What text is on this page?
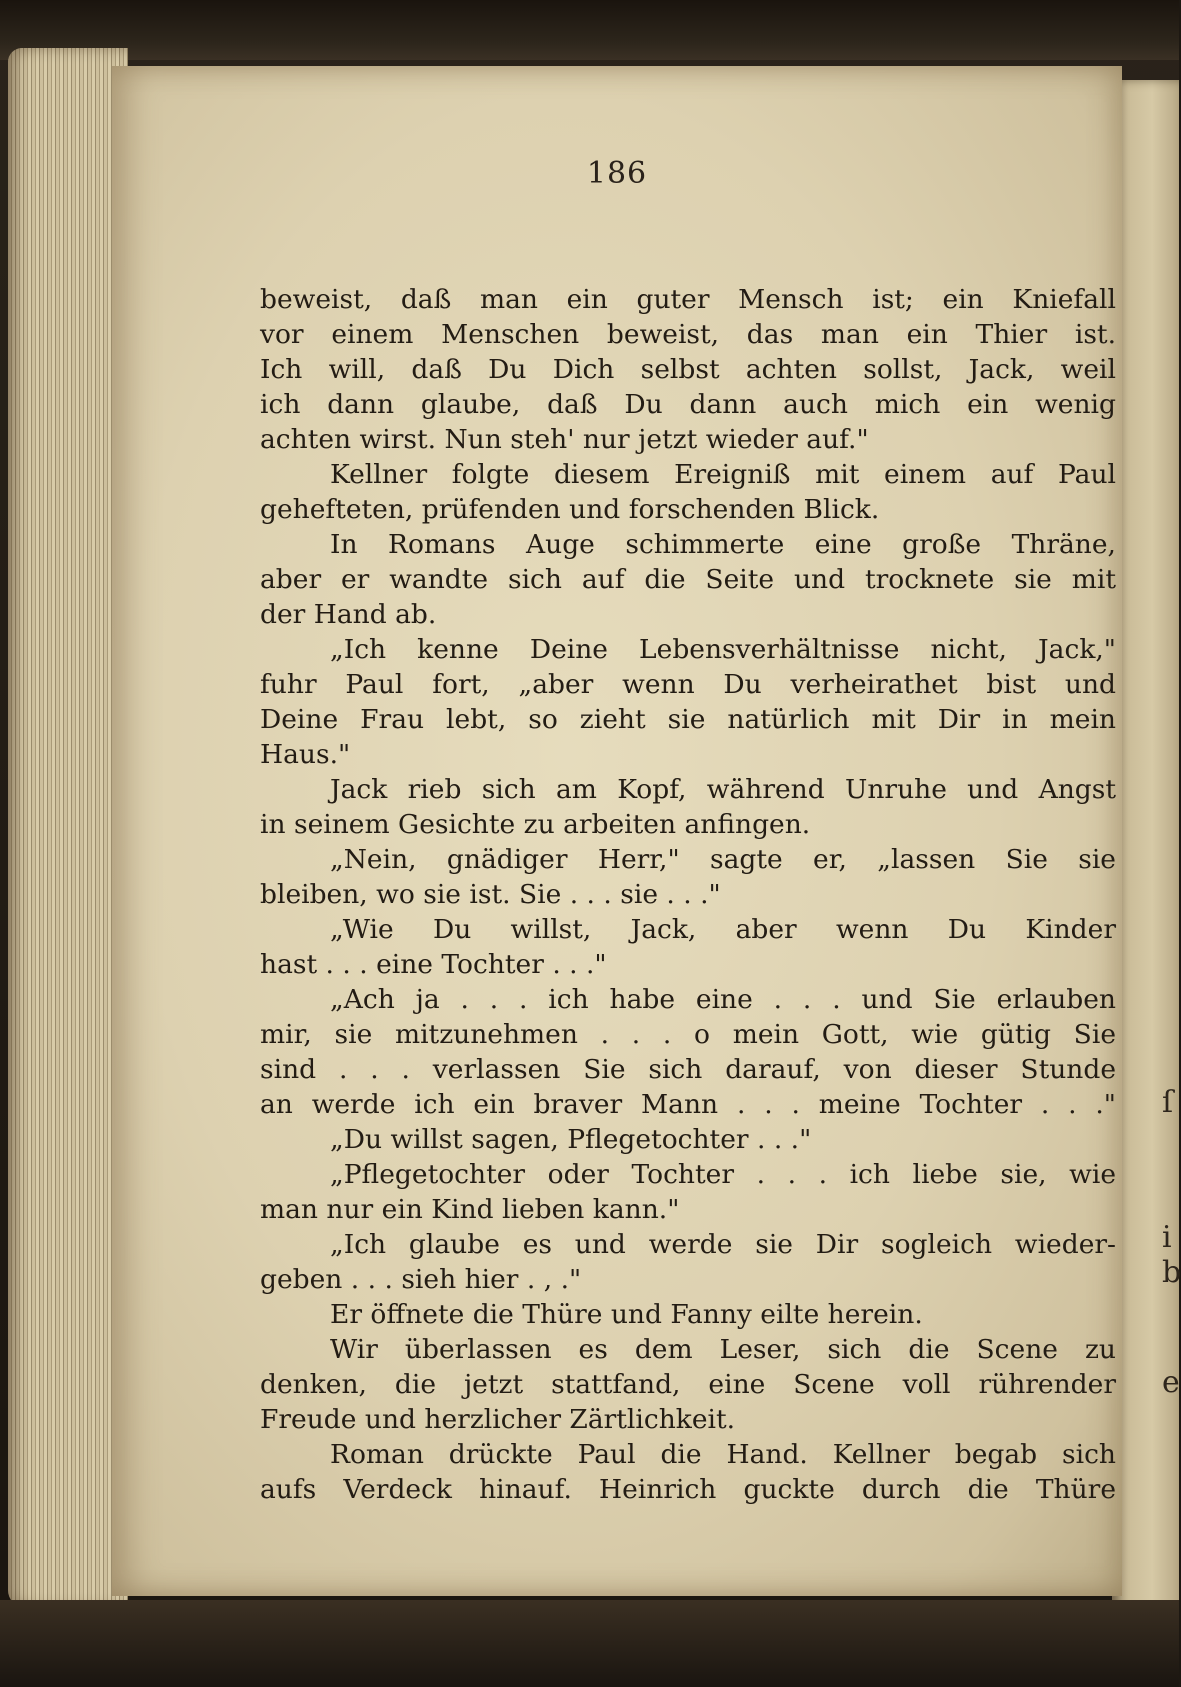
i
b
ſ
e
186
beweist, daß man ein guter Mensch ist; ein Kniefall
vor einem Menschen beweist, das man ein Thier ist.
Ich will, daß Du Dich selbst achten sollst, Jack, weil
ich dann glaube, daß Du dann auch mich ein wenig
achten wirst. Nun steh' nur jetzt wieder auf."
Kellner folgte diesem Ereigniß mit einem auf Paul
gehefteten, prüfenden und forschenden Blick.
In Romans Auge schimmerte eine große Thräne,
aber er wandte sich auf die Seite und trocknete sie mit
der Hand ab.
„Ich kenne Deine Lebensverhältnisse nicht, Jack,"
fuhr Paul fort, „aber wenn Du verheirathet bist und
Deine Frau lebt, so zieht sie natürlich mit Dir in mein
Haus."
Jack rieb sich am Kopf, während Unruhe und Angst
in seinem Gesichte zu arbeiten anfingen.
„Nein, gnädiger Herr," sagte er, „lassen Sie sie
bleiben, wo sie ist. Sie . . . sie . . ."
„Wie Du willst, Jack, aber wenn Du Kinder
hast . . . eine Tochter . . ."
„Ach ja . . . ich habe eine . . . und Sie erlauben
mir, sie mitzunehmen . . . o mein Gott, wie gütig Sie
sind . . . verlassen Sie sich darauf, von dieser Stunde
an werde ich ein braver Mann . . . meine Tochter . . ."
„Du willst sagen, Pflegetochter . . ."
„Pflegetochter oder Tochter . . . ich liebe sie, wie
man nur ein Kind lieben kann."
„Ich glaube es und werde sie Dir sogleich wieder-
geben . . . sieh hier . , ."
Er öffnete die Thüre und Fanny eilte herein.
Wir überlassen es dem Leser, sich die Scene zu
denken, die jetzt stattfand, eine Scene voll rührender
Freude und herzlicher Zärtlichkeit.
Roman drückte Paul die Hand. Kellner begab sich
aufs Verdeck hinauf. Heinrich guckte durch die Thüre
